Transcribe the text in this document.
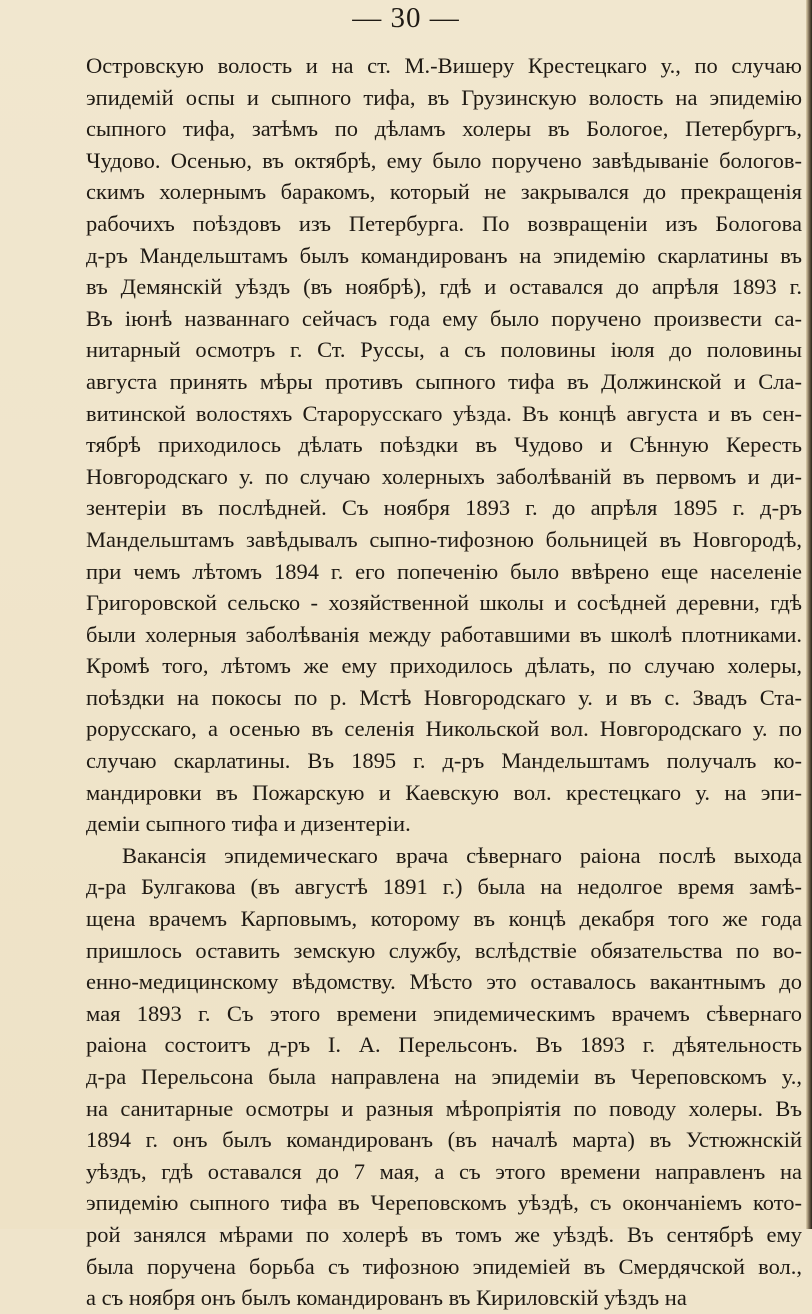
— 30 —
Островскую волость и на ст. М.-Вишеру Крестецкаго у., по случаю
эпидемій оспы и сыпного тифа, въ Грузинскую волость на эпидемію
сыпного тифа, затѣмъ по дѣламъ холеры въ Бологое, Петербургъ,
Чудово. Осенью, въ октябрѣ, ему было поручено завѣдываніе бологов-
скимъ холернымъ баракомъ, который не закрывался до прекращенія
рабочихъ поѣздовъ изъ Петербурга. По возвращеніи изъ Бологова
д-ръ Мандельштамъ былъ командированъ на эпидемію скарлатины въ
въ Демянскій уѣздъ (въ ноябрѣ), гдѣ и оставался до апрѣля 1893 г.
Въ іюнѣ названнаго сейчасъ года ему было поручено произвести са-
нитарный осмотръ г. Ст. Руссы, а съ половины іюля до половины
августа принять мѣры противъ сыпного тифа въ Должинской и Сла-
витинской волостяхъ Старорусскаго уѣзда. Въ концѣ августа и въ сен-
тябрѣ приходилось дѣлать поѣздки въ Чудово и Сѣнную Кересть
Новгородскаго у. по случаю холерныхъ заболѣваній въ первомъ и ди-
зентеріи въ послѣдней. Съ ноября 1893 г. до апрѣля 1895 г. д-ръ
Мандельштамъ завѣдывалъ сыпно-тифозною больницей въ Новгородѣ,
при чемъ лѣтомъ 1894 г. его попеченію было ввѣрено еще населеніе
Григоровской сельско - хозяйственной школы и сосѣдней деревни, гдѣ
были холерныя заболѣванія между работавшими въ школѣ плотниками.
Кромѣ того, лѣтомъ же ему приходилось дѣлать, по случаю холеры,
поѣздки на покосы по р. Мстѣ Новгородскаго у. и въ с. Звадъ Ста-
рорусскаго, а осенью въ селенія Никольской вол. Новгородскаго у. по
случаю скарлатины. Въ 1895 г. д-ръ Мандельштамъ получалъ ко-
мандировки въ Пожарскую и Каевскую вол. крестецкаго у. на эпи-
деміи сыпного тифа и дизентеріи.
Вакансія эпидемическаго врача сѣвернаго раіона послѣ выхода
д-ра Булгакова (въ августѣ 1891 г.) была на недолгое время замѣ-
щена врачемъ Карповымъ, которому въ концѣ декабря того же года
пришлось оставить земскую службу, вслѣдствіе обязательства по во-
енно-медицинскому вѣдомству. Мѣсто это оставалось вакантнымъ до
мая 1893 г. Съ этого времени эпидемическимъ врачемъ сѣвернаго
раіона состоитъ д-ръ І. А. Перельсонъ. Въ 1893 г. дѣятельность
д-ра Перельсона была направлена на эпидеміи въ Череповскомъ у.,
на санитарные осмотры и разныя мѣропріятія по поводу холеры. Въ
1894 г. онъ былъ командированъ (въ началѣ марта) въ Устюжнскій
уѣздъ, гдѣ оставался до 7 мая, а съ этого времени направленъ на
эпидемію сыпного тифа въ Череповскомъ уѣздѣ, съ окончаніемъ кото-
рой занялся мѣрами по холерѣ въ томъ же уѣздѣ. Въ сентябрѣ ему
была поручена борьба съ тифозною эпидеміей въ Смердячской вол.,
а съ ноября онъ былъ командированъ въ Кириловскій уѣздъ на
